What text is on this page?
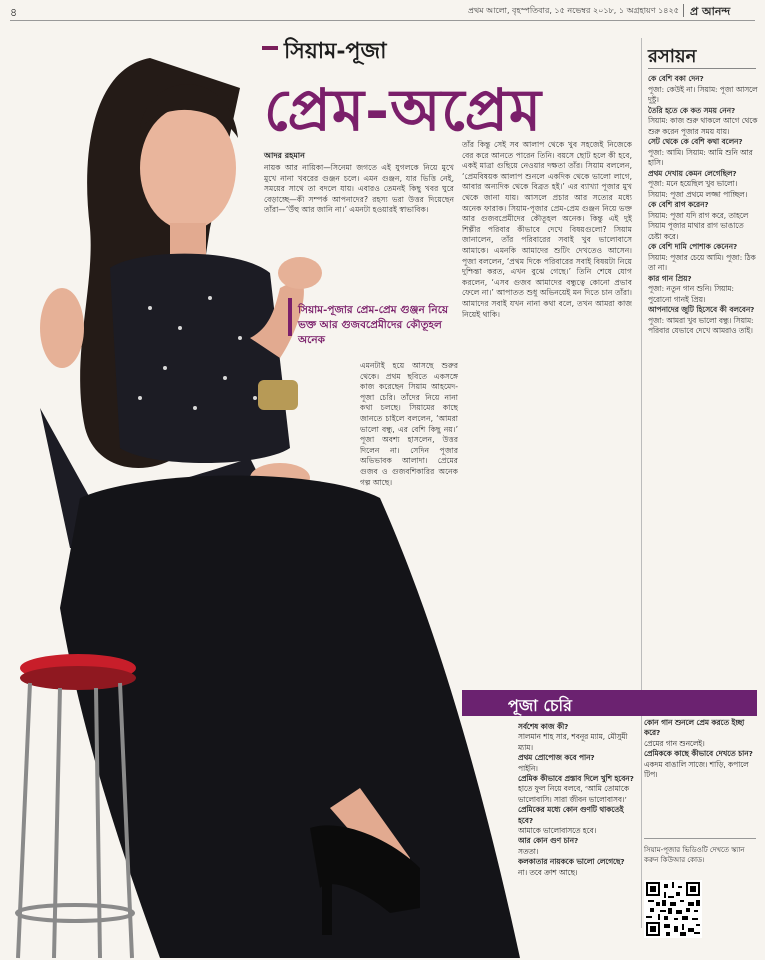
৪	প্রথম আলো, বৃহস্পতিবার, ১৫ নভেম্বর ২০১৮, ১ অগ্রহায়ণ ১৪২৫ প্র আনন্দ
সিয়াম-পূজা
প্রেম-অপ্রেম
আদর রহমান
নায়ক আর নায়িকা—সিনেমা জগতে এই যুগলকে নিয়ে মুখে মুখে নানা খবরের গুঞ্জন চলে। এমন গুঞ্জন, যার ভিত্তি নেই, সময়ের সাথে তা বদলে যায়। এবারও তেমনই কিছু খবর ঘুরে বেড়াচ্ছে—কী সম্পর্ক আপনাদের? রহস্য ভরা উত্তর দিয়েছেন তাঁরা—‘উঁহু আর জানি না।’ এমনটা হওয়ারই স্বাভাবিক।
সিয়াম-পূজার প্রেম-প্রেম গুঞ্জন নিয়ে ভক্ত আর গুজবপ্রেমীদের কৌতূহল অনেক
এমনটাই হয়ে আসছে শুরুর থেকে। প্রথম ছবিতে একসঙ্গে কাজ করেছেন সিয়াম আহমেদ-পূজা চেরি। তাঁদের নিয়ে নানা কথা চলছে। সিয়ামের কাছে জানতে চাইলে বললেন, ‘আমরা ভালো বন্ধু, এর বেশি কিছু নয়।’ পূজা অবশ্য হাসলেন, উত্তর দিলেন না। সেদিন পূজার অভিভাবক আলাদা। প্রেমের গুজব ও গুজবশিকারির অনেক গল্প আছে।
তাঁর কিন্তু সেই সব আলাপ থেকে খুব সহজেই নিজেকে বের করে আনতে পারেন তিনি। বয়সে ছোট হলে কী হবে, একই মাত্রা গুছিয়ে নেওয়ার দক্ষতা তাঁর। সিয়াম বললেন, ‘প্রেমবিষয়ক আলাপ শুনলে একদিক থেকে ভালো লাগে, আবার অন্যদিক থেকে বিব্রত হই।’ এর ব্যাখ্যা পূজার মুখ থেকে জানা যায়। আসলে প্রচার আর সত্যের মধ্যে অনেক ফারাক। সিয়াম-পূজার প্রেম-প্রেম গুঞ্জন নিয়ে ভক্ত আর গুজবপ্রেমীদের কৌতূহল অনেক। কিন্তু এই দুই শিল্পীর পরিবার কীভাবে দেখে বিষয়গুলো? সিয়াম জানালেন, তাঁর পরিবারের সবাই খুব ভালোবাসে আমাকে। এমনকি আমাদের শুটিং দেখতেও আসেন। পূজা বললেন, ‘প্রথম দিকে পরিবারের সবাই বিষয়টা নিয়ে দুশ্চিন্তা করত, এখন বুঝে গেছে।’ তিনি শেষে যোগ করলেন, ‘এসব গুজব আমাদের বন্ধুত্বে কোনো প্রভাব ফেলে না।’ আপাতত শুধু অভিনয়েই মন দিতে চান তাঁরা। আমাদের সবাই যখন নানা কথা বলে, তখন আমরা কাজ নিয়েই থাকি।
রসায়ন
কে বেশি বকা দেন?
পূজা: কেউই না। সিয়াম: পূজা আসলে দুষ্টু।
তৈরি হতে কে কত সময় নেন?
সিয়াম: কাজ শুরু থাকলে আগে থেকে শুরু করেন পূজার সময় যায়।
সেট থেকে কে বেশি কথা বলেন?
পূজা: আমি। সিয়াম: আমি শুনি আর হাসি।
প্রথম দেখায় কেমন লেগেছিল?
পূজা: মনে হয়েছিল খুব ভালো। সিয়াম: পূজা প্রথমে লজ্জা পাচ্ছিল।
কে বেশি রাগ করেন?
সিয়াম: পূজা যদি রাগ করে, তাহলে সিয়াম পূজার মাথার রাগ ভাঙাতে চেষ্টা করে।
কে বেশি দামি পোশাক কেনেন?
সিয়াম: পূজার চেয়ে আমি। পূজা: ঠিক তা না।
কার গান প্রিয়?
পূজা: নতুন গান শুনি। সিয়াম: পুরোনো গানই প্রিয়।
আপনাদের জুটি হিসেবে কী বলবেন?
পূজা: আমরা খুব ভালো বন্ধু। সিয়াম: পরিবার যেভাবে দেখে আমরাও তাই।
পূজা চেরি
সর্বশেষ কাজ কী?
সালমান শাহ সার, শবনূর ম্যাম, মৌসুমী ম্যাম।
প্রথম প্রোপোজ কবে পান?
পাইনি।
প্রেমিক কীভাবে প্রস্তাব দিলে খুশি হবেন?
হাতে ফুল নিয়ে বলবে, ‘আমি তোমাকে ভালোবাসি। সারা জীবন ভালোবাসব।’
প্রেমিকের মধ্যে কোন গুণটি থাকতেই হবে?
আমাকে ভালোবাসতে হবে।
আর কোন গুণ চান?
সততা।
কলকাতার নায়ককে ভালো লেগেছে?
না। তবে ক্রাশ আছে।
কোন গান শুনলে প্রেম করতে ইচ্ছা করে?
প্রেমের গান শুনলেই।
প্রেমিককে কাছে কীভাবে দেখতে চান?
একদম বাঙালি সাজে। শাড়ি, কপালে টিপ।
সিয়াম-পূজার ভিডিওটি দেখতে স্ক্যান করুন কিউআর কোড।
